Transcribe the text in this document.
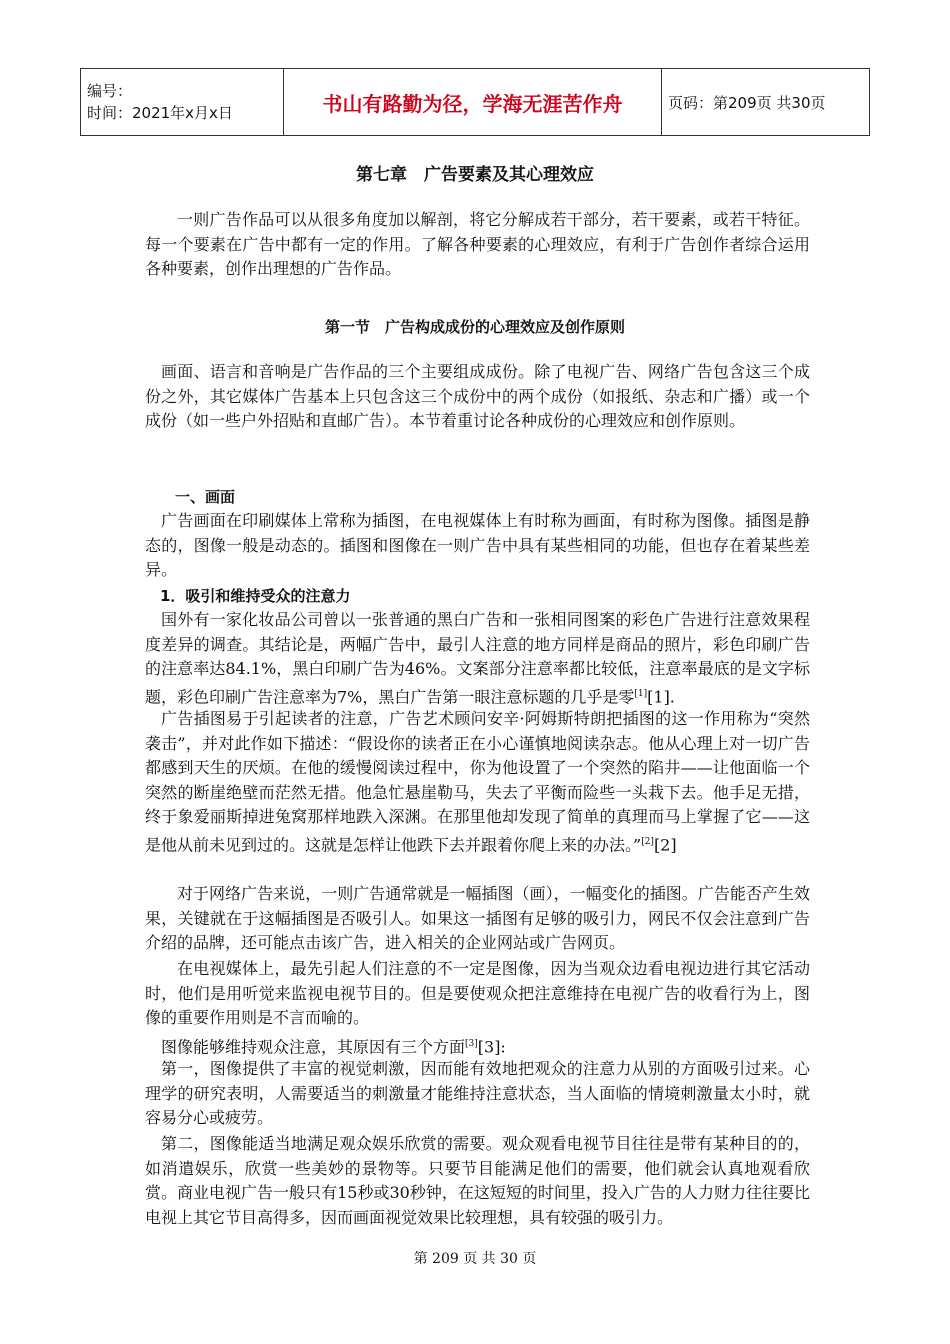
编号：
时间：2021年x月x日	书山有路勤为径，学海无涯苦作舟	页码：第209页 共30页
第七章　广告要素及其心理效应

一则广告作品可以从很多角度加以解剖，将它分解成若干部分，若干要素，或若干特征。每一个要素在广告中都有一定的作用。了解各种要素的心理效应，有利于广告创作者综合运用各种要素，创作出理想的广告作品。

第一节　广告构成成份的心理效应及创作原则

画面、语言和音响是广告作品的三个主要组成成份。除了电视广告、网络广告包含这三个成份之外，其它媒体广告基本上只包含这三个成份中的两个成份（如报纸、杂志和广播）或一个成份（如一些户外招贴和直邮广告）。本节着重讨论各种成份的心理效应和创作原则。

一、画面

广告画面在印刷媒体上常称为插图，在电视媒体上有时称为画面，有时称为图像。插图是静态的，图像一般是动态的。插图和图像在一则广告中具有某些相同的功能，但也存在着某些差异。

1．吸引和维持受众的注意力

国外有一家化妆品公司曾以一张普通的黑白广告和一张相同图案的彩色广告进行注意效果程度差异的调查。其结论是，两幅广告中，最引人注意的地方同样是商品的照片，彩色印刷广告的注意率达84.1%，黑白印刷广告为46%。文案部分注意率都比较低，注意率最底的是文字标题，彩色印刷广告注意率为7%，黑白广告第一眼注意标题的几乎是零[1][1].

广告插图易于引起读者的注意，广告艺术顾问安辛·阿姆斯特朗把插图的这一作用称为“突然袭击”，并对此作如下描述：“假设你的读者正在小心谨慎地阅读杂志。他从心理上对一切广告都感到天生的厌烦。在他的缓慢阅读过程中，你为他设置了一个突然的陷井——让他面临一个突然的断崖绝壁而茫然无措。他急忙悬崖勒马，失去了平衡而险些一头栽下去。他手足无措，终于象爱丽斯掉进兔窝那样地跌入深渊。在那里他却发现了简单的真理而马上掌握了它——这是他从前未见到过的。这就是怎样让他跌下去并跟着你爬上来的办法。”[2][2]

对于网络广告来说，一则广告通常就是一幅插图（画），一幅变化的插图。广告能否产生效果，关键就在于这幅插图是否吸引人。如果这一插图有足够的吸引力，网民不仅会注意到广告介绍的品牌，还可能点击该广告，进入相关的企业网站或广告网页。

在电视媒体上，最先引起人们注意的不一定是图像，因为当观众边看电视边进行其它活动时，他们是用听觉来监视电视节目的。但是要使观众把注意维持在电视广告的收看行为上，图像的重要作用则是不言而喻的。

图像能够维持观众注意，其原因有三个方面[3][3]:

第一，图像提供了丰富的视觉刺激，因而能有效地把观众的注意力从别的方面吸引过来。心理学的研究表明，人需要适当的刺激量才能维持注意状态，当人面临的情境刺激量太小时，就容易分心或疲劳。

第二，图像能适当地满足观众娱乐欣赏的需要。观众观看电视节目往往是带有某种目的的，如消遣娱乐，欣赏一些美妙的景物等。只要节目能满足他们的需要，他们就会认真地观看欣赏。商业电视广告一般只有15秒或30秒钟，在这短短的时间里，投入广告的人力财力往往要比电视上其它节目高得多，因而画面视觉效果比较理想，具有较强的吸引力。

第 209 页 共 30 页
